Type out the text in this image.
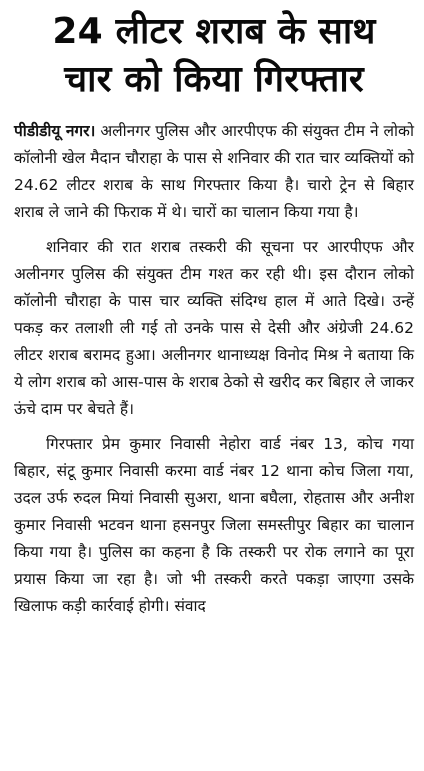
24 लीटर शराब के साथ
चार को किया गिरफ्तार

पीडीडीयू नगर। अलीनगर पुलिस और आरपीएफ की संयुक्त टीम ने लोको कॉलोनी खेल मैदान चौराहा के पास से शनिवार की रात चार व्यक्तियों को 24.62 लीटर शराब के साथ गिरफ्तार किया है। चारो ट्रेन से बिहार शराब ले जाने की फिराक में थे। चारों का चालान किया गया है।

शनिवार की रात शराब तस्करी की सूचना पर आरपीएफ और अलीनगर पुलिस की संयुक्त टीम गश्त कर रही थी। इस दौरान लोको कॉलोनी चौराहा के पास चार व्यक्ति संदिग्ध हाल में आते दिखे। उन्हें पकड़ कर तलाशी ली गई तो उनके पास से देसी और अंग्रेजी 24.62 लीटर शराब बरामद हुआ। अलीनगर थानाध्यक्ष विनोद मिश्र ने बताया कि ये लोग शराब को आस-पास के शराब ठेको से खरीद कर बिहार ले जाकर ऊंचे दाम पर बेचते हैं।

गिरफ्तार प्रेम कुमार निवासी नेहोरा वार्ड नंबर 13, कोच गया बिहार, संटू कुमार निवासी करमा वार्ड नंबर 12 थाना कोच जिला गया, उदल उर्फ रुदल मियां निवासी सुअरा, थाना बघैला, रोहतास और अनीश कुमार निवासी भटवन थाना हसनपुर जिला समस्तीपुर बिहार का चालान किया गया है। पुलिस का कहना है कि तस्करी पर रोक लगाने का पूरा प्रयास किया जा रहा है। जो भी तस्करी करते पकड़ा जाएगा उसके खिलाफ कड़ी कार्रवाई होगी। संवाद
